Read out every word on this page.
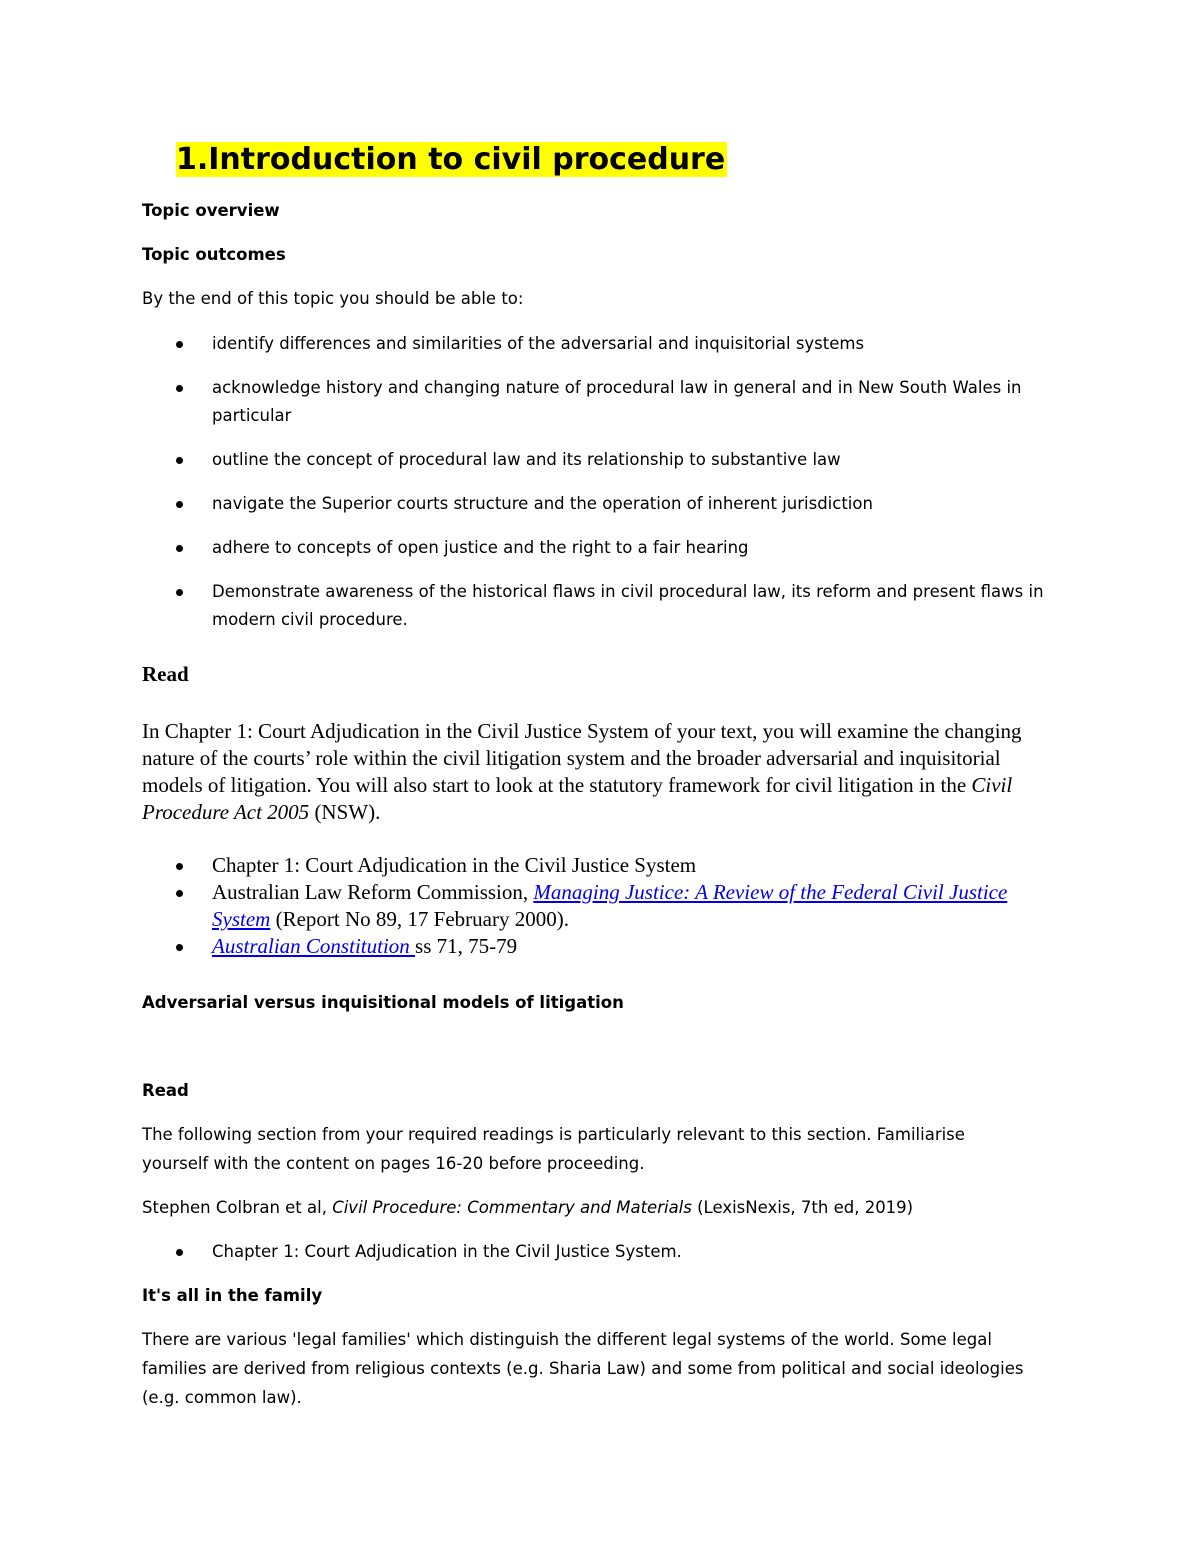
1.Introduction to civil procedure

Topic overview

Topic outcomes

By the end of this topic you should be able to:

identify differences and similarities of the adversarial and inquisitorial systems
acknowledge history and changing nature of procedural law in general and in New South Wales in particular
outline the concept of procedural law and its relationship to substantive law
navigate the Superior courts structure and the operation of inherent jurisdiction
adhere to concepts of open justice and the right to a fair hearing
Demonstrate awareness of the historical flaws in civil procedural law, its reform and present flaws in modern civil procedure.
Read

In Chapter 1: Court Adjudication in the Civil Justice System of your text, you will examine the changing nature of the courts’ role within the civil litigation system and the broader adversarial and inquisitorial models of litigation. You will also start to look at the statutory framework for civil litigation in the Civil Procedure Act 2005 (NSW).

Chapter 1: Court Adjudication in the Civil Justice System
Australian Law Reform Commission, Managing Justice: A Review of the Federal Civil Justice System (Report No 89, 17 February 2000).
Australian Constitution ss 71, 75-79

Adversarial versus inquisitional models of litigation

Read

The following section from your required readings is particularly relevant to this section. Familiarise yourself with the content on pages 16-20 before proceeding.

Stephen Colbran et al, Civil Procedure: Commentary and Materials (LexisNexis, 7th ed, 2019)

Chapter 1: Court Adjudication in the Civil Justice System.

It's all in the family

There are various 'legal families' which distinguish the different legal systems of the world. Some legal families are derived from religious contexts (e.g. Sharia Law) and some from political and social ideologies (e.g. common law).
